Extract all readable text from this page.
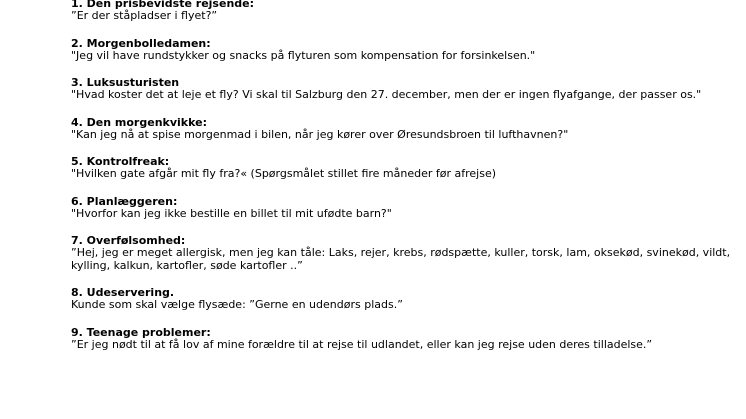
1. Den prisbevidste rejsende:

”Er der ståpladser i flyet?”

2. Morgenbolledamen:

"Jeg vil have rundstykker og snacks på flyturen som kompensation for forsinkelsen."

3. Luksusturisten

"Hvad koster det at leje et fly? Vi skal til Salzburg den 27. december, men der er ingen flyafgange, der passer os."

4. Den morgenkvikke:

"Kan jeg nå at spise morgenmad i bilen, når jeg kører over Øresundsbroen til lufthavnen?"

5. Kontrolfreak:

"Hvilken gate afgår mit fly fra?« (Spørgsmålet stillet fire måneder før afrejse)

6. Planlæggeren:

"Hvorfor kan jeg ikke bestille en billet til mit ufødte barn?"

7. Overfølsomhed:

”Hej, jeg er meget allergisk, men jeg kan tåle: Laks, rejer, krebs, rødspætte, kuller, torsk, lam, oksekød, svinekød, vildt, kylling, kalkun, kartofler, søde kartofler ..”

8. Udeservering.

Kunde som skal vælge flysæde: ”Gerne en udendørs plads.”

9. Teenage problemer:

”Er jeg nødt til at få lov af mine forældre til at rejse til udlandet, eller kan jeg rejse uden deres tilladelse.”
